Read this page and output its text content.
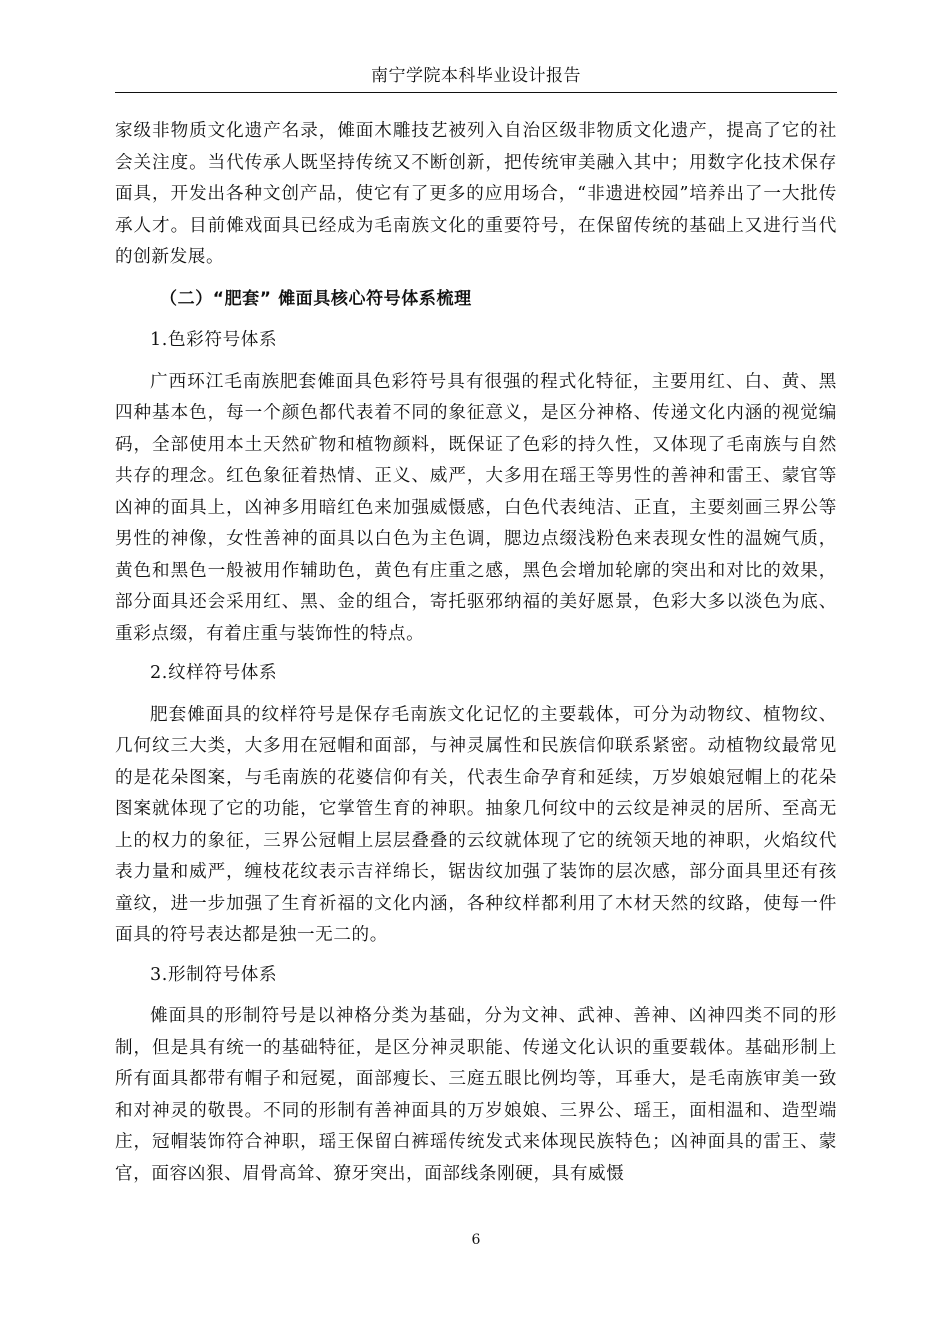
南宁学院本科毕业设计报告

家级非物质文化遗产名录，傩面木雕技艺被列入自治区级非物质文化遗产，提高了它的社会关注度。当代传承人既坚持传统又不断创新，把传统审美融入其中；用数字化技术保存面具，开发出各种文创产品，使它有了更多的应用场合，“非遗进校园”培养出了一大批传承人才。目前傩戏面具已经成为毛南族文化的重要符号，在保留传统的基础上又进行当代的创新发展。

（二）“肥套” 傩面具核心符号体系梳理

1.色彩符号体系

广西环江毛南族肥套傩面具色彩符号具有很强的程式化特征，主要用红、白、黄、黑四种基本色，每一个颜色都代表着不同的象征意义，是区分神格、传递文化内涵的视觉编码，全部使用本土天然矿物和植物颜料，既保证了色彩的持久性，又体现了毛南族与自然共存的理念。红色象征着热情、正义、威严，大多用在瑶王等男性的善神和雷王、蒙官等凶神的面具上，凶神多用暗红色来加强威慑感，白色代表纯洁、正直，主要刻画三界公等男性的神像，女性善神的面具以白色为主色调，腮边点缀浅粉色来表现女性的温婉气质，黄色和黑色一般被用作辅助色，黄色有庄重之感，黑色会增加轮廓的突出和对比的效果，部分面具还会采用红、黑、金的组合，寄托驱邪纳福的美好愿景，色彩大多以淡色为底、重彩点缀，有着庄重与装饰性的特点。

2.纹样符号体系

肥套傩面具的纹样符号是保存毛南族文化记忆的主要载体，可分为动物纹、植物纹、几何纹三大类，大多用在冠帽和面部，与神灵属性和民族信仰联系紧密。动植物纹最常见的是花朵图案，与毛南族的花婆信仰有关，代表生命孕育和延续，万岁娘娘冠帽上的花朵图案就体现了它的功能，它掌管生育的神职。抽象几何纹中的云纹是神灵的居所、至高无上的权力的象征，三界公冠帽上层层叠叠的云纹就体现了它的统领天地的神职，火焰纹代表力量和威严，缠枝花纹表示吉祥绵长，锯齿纹加强了装饰的层次感，部分面具里还有孩童纹，进一步加强了生育祈福的文化内涵，各种纹样都利用了木材天然的纹路，使每一件面具的符号表达都是独一无二的。

3.形制符号体系

傩面具的形制符号是以神格分类为基础，分为文神、武神、善神、凶神四类不同的形制，但是具有统一的基础特征，是区分神灵职能、传递文化认识的重要载体。基础形制上所有面具都带有帽子和冠冕，面部瘦长、三庭五眼比例均等，耳垂大，是毛南族审美一致和对神灵的敬畏。不同的形制有善神面具的万岁娘娘、三界公、瑶王，面相温和、造型端庄，冠帽装饰符合神职，瑶王保留白裤瑶传统发式来体现民族特色；凶神面具的雷王、蒙官，面容凶狠、眉骨高耸、獠牙突出，面部线条刚硬，具有威慑

6
